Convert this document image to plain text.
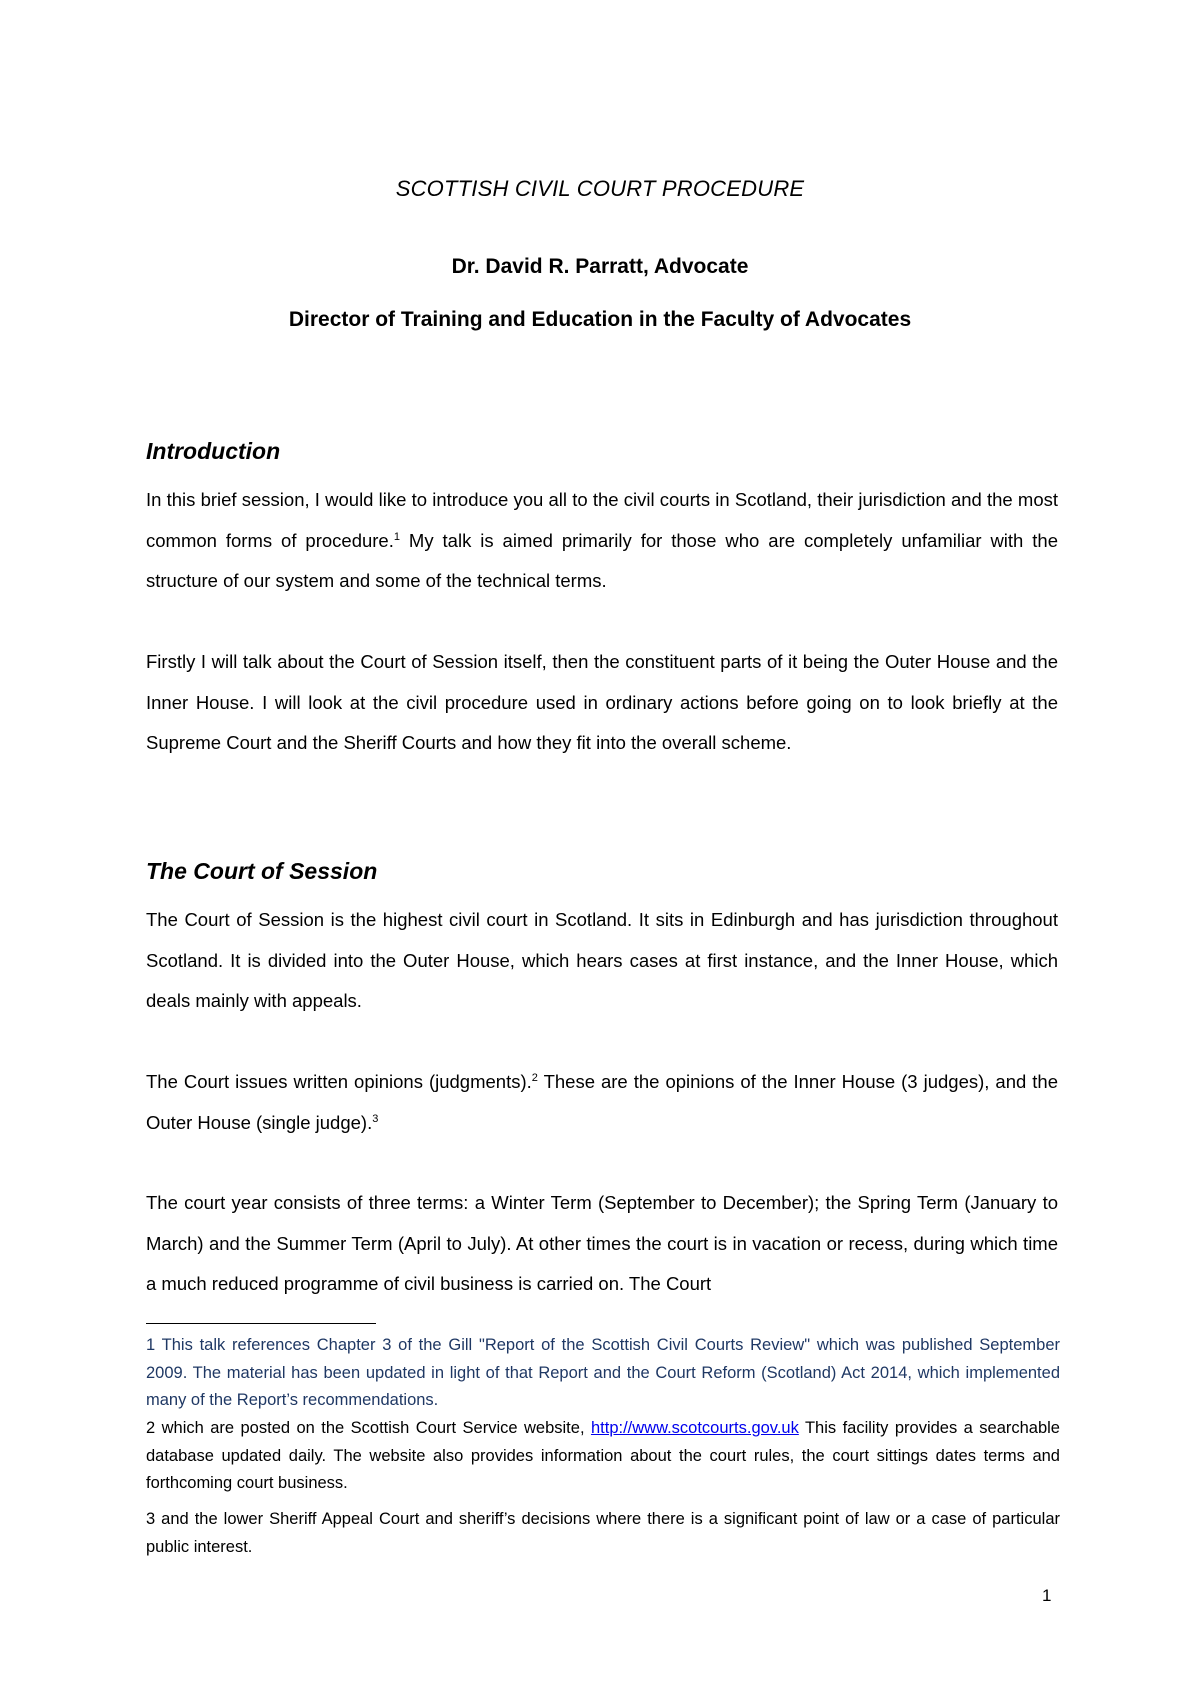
SCOTTISH CIVIL COURT PROCEDURE
Dr. David R. Parratt, Advocate
Director of Training and Education in the Faculty of Advocates
Introduction
In this brief session, I would like to introduce you all to the civil courts in Scotland, their jurisdiction and the most common forms of procedure.$^1$ My talk is aimed primarily for those who are completely unfamiliar with the structure of our system and some of the technical terms.
Firstly I will talk about the Court of Session itself, then the constituent parts of it being the Outer House and the Inner House. I will look at the civil procedure used in ordinary actions before going on to look briefly at the Supreme Court and the Sheriff Courts and how they fit into the overall scheme.
The Court of Session
The Court of Session is the highest civil court in Scotland. It sits in Edinburgh and has jurisdiction throughout Scotland. It is divided into the Outer House, which hears cases at first instance, and the Inner House, which deals mainly with appeals.
The Court issues written opinions (judgments).$^2$ These are the opinions of the Inner House (3 judges), and the Outer House (single judge).$^3$
The court year consists of three terms: a Winter Term (September to December); the Spring Term (January to March) and the Summer Term (April to July). At other times the court is in vacation or recess, during which time a much reduced programme of civil business is carried on. The Court
1 This talk references Chapter 3 of the Gill "Report of the Scottish Civil Courts Review" which was published September 2009. The material has been updated in light of that Report and the Court Reform (Scotland) Act 2014, which implemented many of the Report’s recommendations.
2 which are posted on the Scottish Court Service website, http://www.scotcourts.gov.uk This facility provides a searchable database updated daily. The website also provides information about the court rules, the court sittings dates terms and forthcoming court business.
3 and the lower Sheriff Appeal Court and sheriff’s decisions where there is a significant point of law or a case of particular public interest.
1
